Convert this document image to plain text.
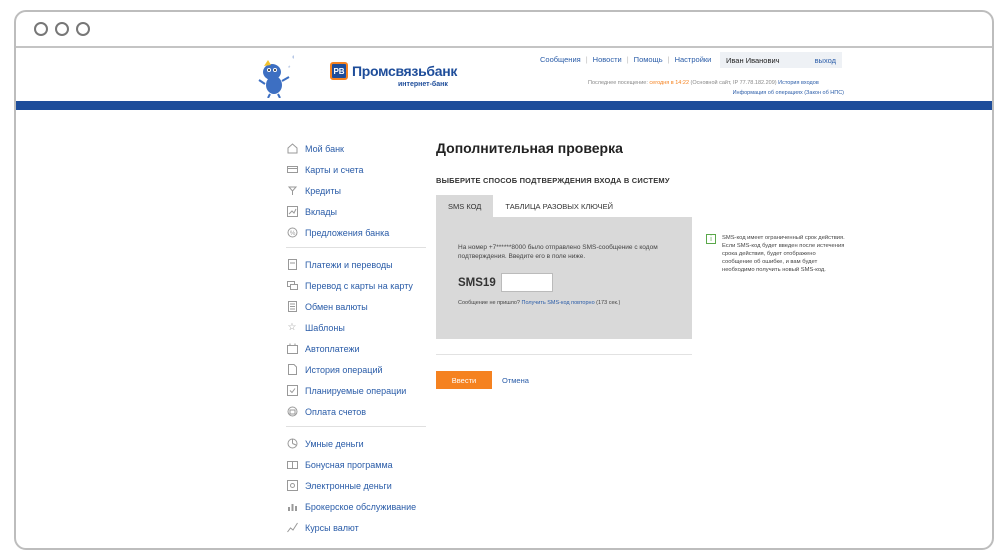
*	PB Промсвязьбанк
интернет-банк
Сообщения | Новости | Помощь | Настройки Иван Иванович	выход
Последнее посещение: сегодня в 14:22 (Основной сайт, IP 77.78.182.209) История входов
Информация об операциях (Закон об НПС)
Мой банк
Карты и счета
Кредиты
Вклады
% Предложения банка
Платежи и переводы
Перевод с карты на карту
Обмен валюты
☆ Шаблоны
Автоплатежи
История операций
Планируемые операции
Оплата счетов
Умные деньги
Бонусная программа
Электронные деньги
Брокерское обслуживание
Курсы валют
Дополнительная проверка
ВЫБЕРИТЕ СПОСОБ ПОДТВЕРЖДЕНИЯ ВХОДА В СИСТЕМУ
SMS КОД	ТАБЛИЦА РАЗОВЫХ КЛЮЧЕЙ
На номер +7******8000 было отправлено SMS-сообщение с кодом подтверждения. Введите его в поле ниже.
SMS19
Сообщение не пришло? Получить SMS-код повторно (173 сек.)
Ввести	Отмена
i	SMS-код имеет ограниченный срок действия. Если SMS-код будет введен после истечения срока действия, будет отображено сообщение об ошибке, и вам будет необходимо получить новый SMS-код.
